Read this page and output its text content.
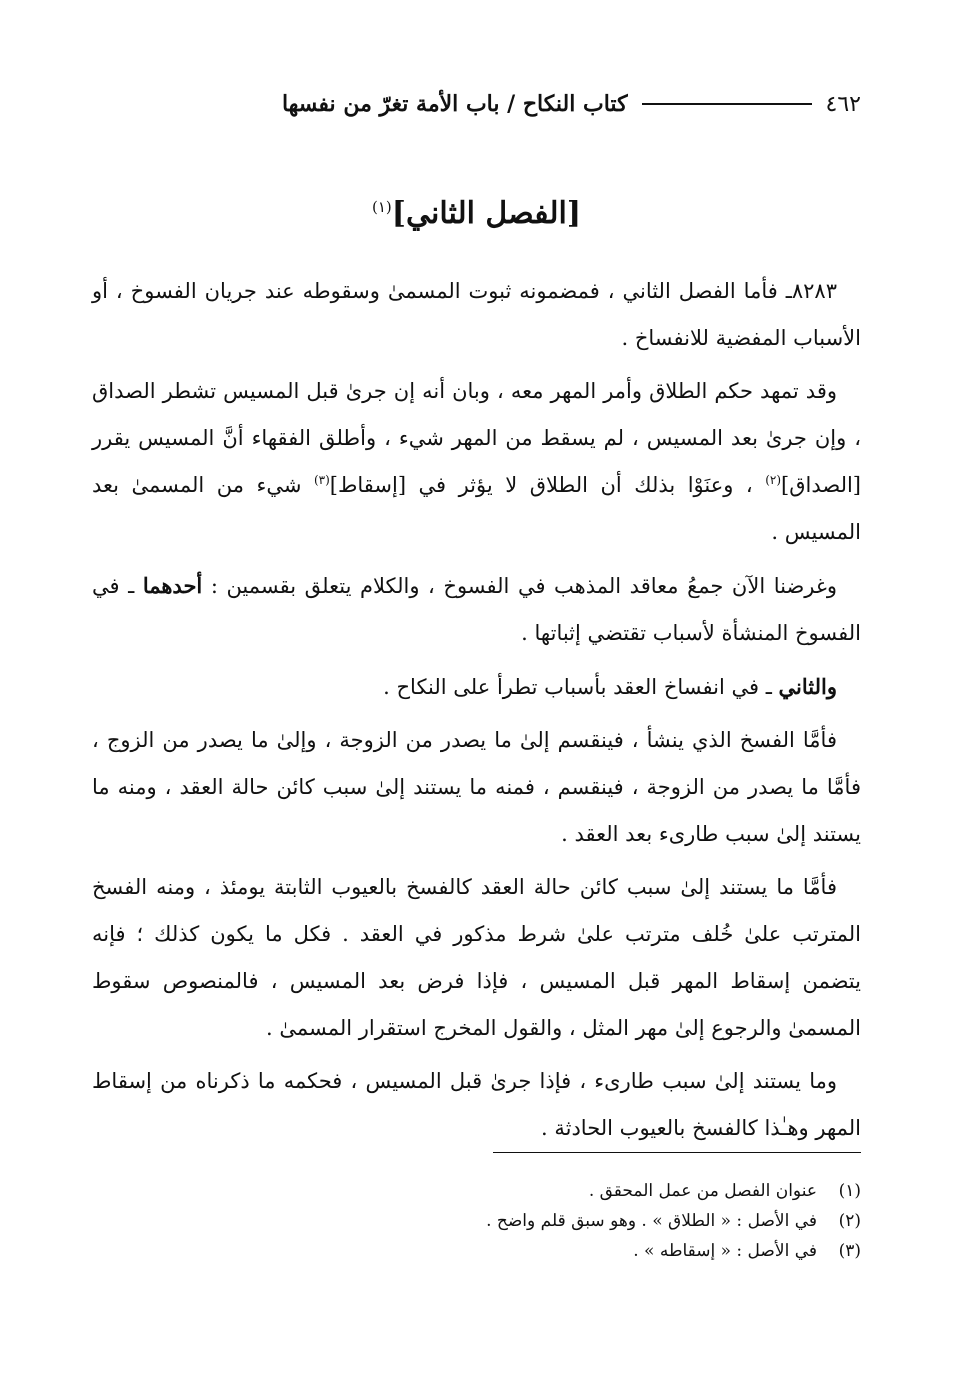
٤٦٢
كتاب النكاح / باب الأمة تغرّ من نفسها
[الفصل الثاني]$^{(١)}$

٨٢٨٣ـ فأما الفصل الثاني ، فمضمونه ثبوت المسمىٰ وسقوطه عند جريان الفسوخ ، أو الأسباب المفضية للانفساخ .

وقد تمهد حكم الطلاق وأمر المهر معه ، وبان أنه إن جرىٰ قبل المسيس تشطر الصداق ، وإن جرىٰ بعد المسيس ، لم يسقط من المهر شيء ، وأطلق الفقهاء أنَّ المسيس يقرر [الصداق]$^{(٢)}$ ، وعنَوْا بذلك أن الطلاق لا يؤثر في [إسقاط]$^{(٣)}$ شيء من المسمىٰ بعد المسيس .

وغرضنا الآن جمعُ معاقد المذهب في الفسوخ ، والكلام يتعلق بقسمين : أحدهما ـ في الفسوخ المنشأة لأسباب تقتضي إثباتها .

والثاني ـ في انفساخ العقد بأسباب تطرأ على النكاح .

فأمَّا الفسخ الذي ينشأ ، فينقسم إلىٰ ما يصدر من الزوجة ، وإلىٰ ما يصدر من الزوج ، فأمَّا ما يصدر من الزوجة ، فينقسم ، فمنه ما يستند إلىٰ سبب كائن حالة العقد ، ومنه ما يستند إلىٰ سبب طارىء بعد العقد .

فأمَّا ما يستند إلىٰ سبب كائن حالة العقد كالفسخ بالعيوب الثابتة يومئذ ، ومنه الفسخ المترتب علىٰ خُلف مترتب علىٰ شرط مذكور في العقد . فكل ما يكون كذلك ؛ فإنه يتضمن إسقاط المهر قبل المسيس ، فإذا فرض بعد المسيس ، فالمنصوص سقوط المسمىٰ والرجوع إلىٰ مهر المثل ، والقول المخرج استقرار المسمىٰ .

وما يستند إلىٰ سبب طارىء ، فإذا جرىٰ قبل المسيس ، فحكمه ما ذكرناه من إسقاط المهر وهـٰذا كالفسخ بالعيوب الحادثة .

(١)
عنوان الفصل من عمل المحقق .
(٢)
في الأصل : « الطلاق » . وهو سبق قلم واضح .
(٣)
في الأصل : « إسقاطه » .
